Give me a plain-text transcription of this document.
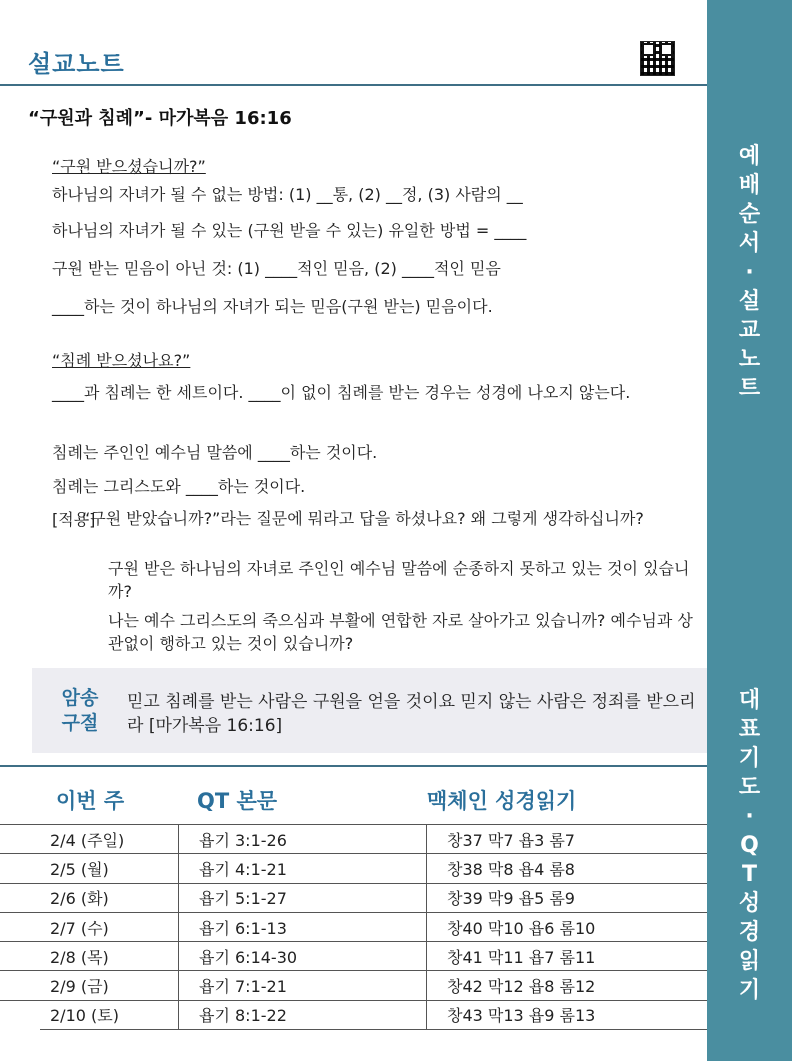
예
배
순
서
·
설
교
노
트
대
표
기
도
·
Q
T
성
경
읽
기
설교노트
“구원과 침례”- 마가복음 16:16
“구원 받으셨습니까?”
하나님의 자녀가 될 수 없는 방법: (1) __통, (2) __정, (3) 사람의 __
하나님의 자녀가 될 수 있는 (구원 받을 수 있는) 유일한 방법 = ____
구원 받는 믿음이 아닌 것: (1) ____적인 믿음, (2) ____적인 믿음
____하는 것이 하나님의 자녀가 되는 믿음(구원 받는) 믿음이다.
“침례 받으셨나요?”
____과 침례는 한 세트이다. ____이 없이 침례를 받는 경우는 성경에 나오지 않는다.
침례는 주인인 예수님 말씀에 ____하는 것이다.
침례는 그리스도와 ____하는 것이다.
[적용]
“구원 받았습니까?”라는 질문에 뭐라고 답을 하셨나요? 왜 그렇게 생각하십니까?
구원 받은 하나님의 자녀로 주인인 예수님 말씀에 순종하지 못하고 있는 것이 있습니까?
나는 예수 그리스도의 죽으심과 부활에 연합한 자로 살아가고 있습니까? 예수님과 상관없이 행하고 있는 것이 있습니까?
암송
구절
믿고 침례를 받는 사람은 구원을 얻을 것이요 믿지 않는 사람은 정죄를 받으리라 [마가복음 16:16]
이번 주	QT 본문	맥체인 성경읽기
	2/4 (주일)	욥기 3:1-26	창37 막7 욥3 롬7
	2/5 (월)	욥기 4:1-21	창38 막8 욥4 롬8
	2/6 (화)	욥기 5:1-27	창39 막9 욥5 롬9
	2/7 (수)	욥기 6:1-13	창40 막10 욥6 롬10
	2/8 (목)	욥기 6:14-30	창41 막11 욥7 롬11
	2/9 (금)	욥기 7:1-21	창42 막12 욥8 롬12
	2/10 (토)	욥기 8:1-22	창43 막13 욥9 롬13
